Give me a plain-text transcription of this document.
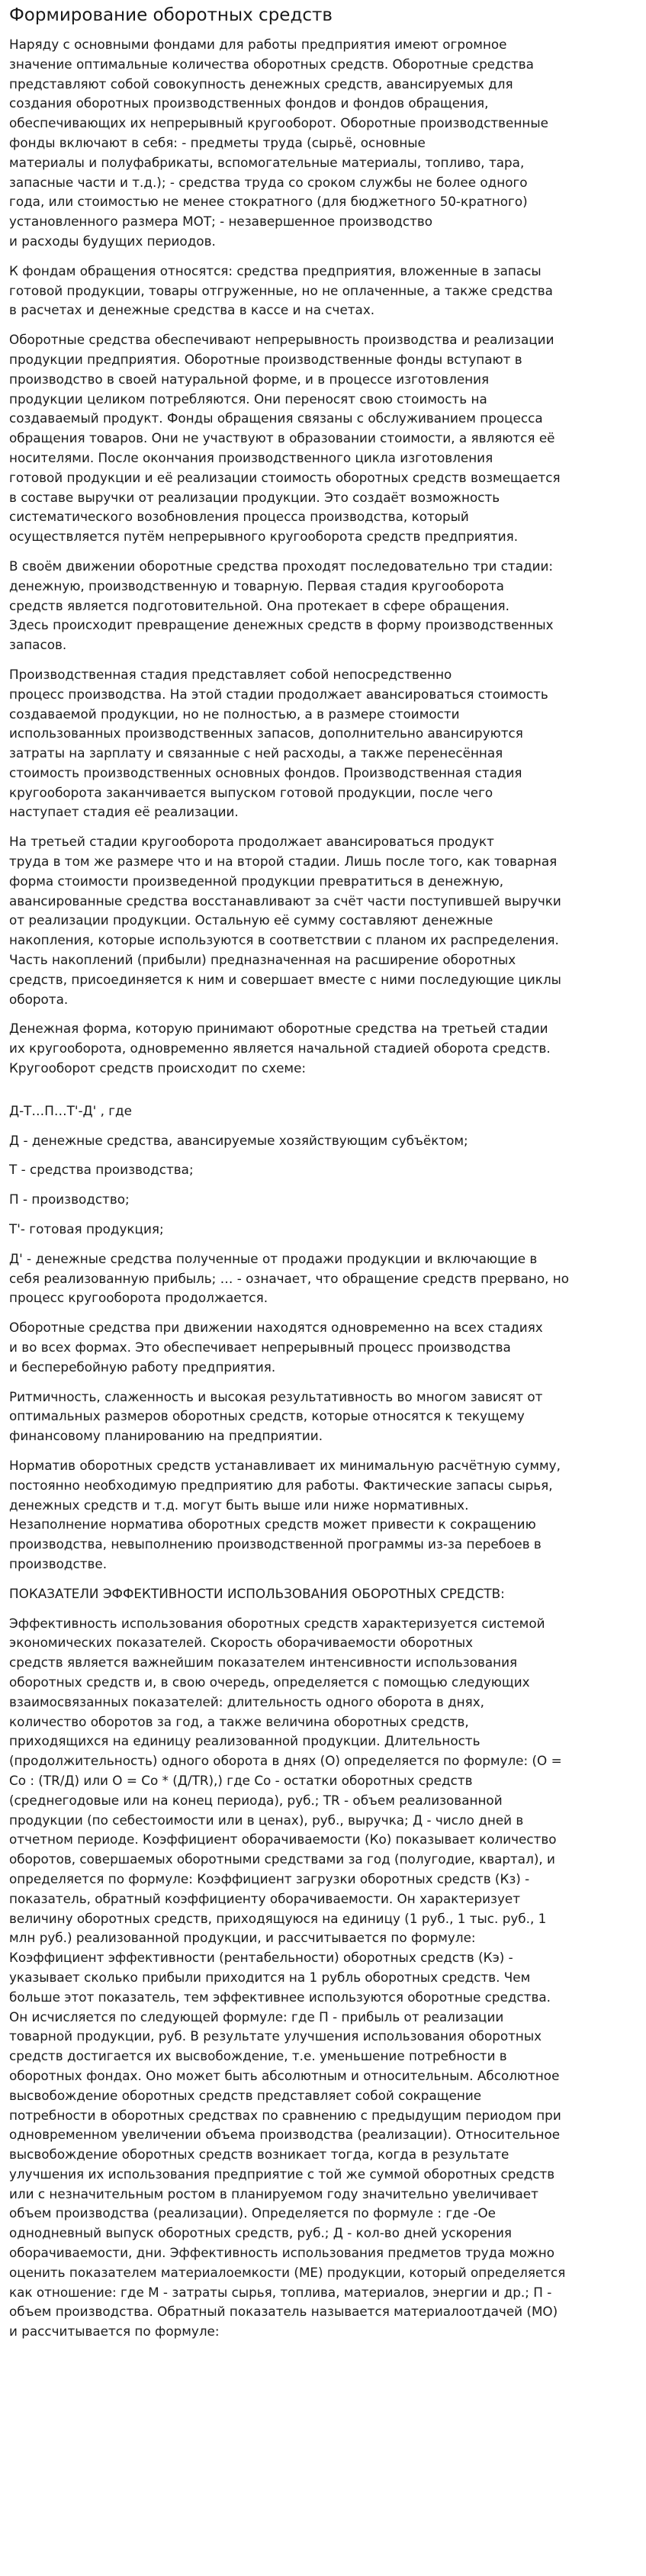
Формирование оборотных средств

Наряду с основными фондами для работы предприятия имеют огромное
значение оптимальные количества оборотных средств. Оборотные средства
представляют собой совокупность денежных средств, авансируемых для
создания оборотных производственных фондов и фондов обращения,
обеспечивающих их непрерывный кругооборот. Оборотные производственные
фонды включают в себя: - предметы труда (сырьё, основные
материалы и полуфабрикаты, вспомогательные материалы, топливо, тара,
запасные части и т.д.); - средства труда со сроком службы не более одного
года, или стоимостью не менее стократного (для бюджетного 50-кратного)
установленного размера МОТ; - незавершенное производство
и расходы будущих периодов.

К фондам обращения относятся: средства предприятия, вложенные в запасы
готовой продукции, товары отгруженные, но не оплаченные, а также средства
в расчетах и денежные средства в кассе и на счетах.

Оборотные средства обеспечивают непрерывность производства и реализации
продукции предприятия. Оборотные производственные фонды вступают в
производство в своей натуральной форме, и в процессе изготовления
продукции целиком потребляются. Они переносят свою стоимость на
создаваемый продукт. Фонды обращения связаны с обслуживанием процесса
обращения товаров. Они не участвуют в образовании стоимости, а являются её
носителями. После окончания производственного цикла изготовления
готовой продукции и её реализации стоимость оборотных средств возмещается
в составе выручки от реализации продукции. Это создаёт возможность
систематического возобновления процесса производства, который
осуществляется путём непрерывного кругооборота средств предприятия.

В своём движении оборотные средства проходят последовательно три стадии:
денежную, производственную и товарную. Первая стадия кругооборота
средств является подготовительной. Она протекает в сфере обращения.
Здесь происходит превращение денежных средств в форму производственных
запасов.

Производственная стадия представляет собой непосредственно
процесс производства. На этой стадии продолжает авансироваться стоимость
создаваемой продукции, но не полностью, а в размере стоимости
использованных производственных запасов, дополнительно авансируются
затраты на зарплату и связанные с ней расходы, а также перенесённая
стоимость производственных основных фондов. Производственная стадия
кругооборота заканчивается выпуском готовой продукции, после чего
наступает стадия её реализации.

На третьей стадии кругооборота продолжает авансироваться продукт
труда в том же размере что и на второй стадии. Лишь после того, как товарная
форма стоимости произведенной продукции превратиться в денежную,
авансированные средства восстанавливают за счёт части поступившей выручки
от реализации продукции. Остальную её сумму составляют денежные
накопления, которые используются в соответствии с планом их распределения.
Часть накоплений (прибыли) предназначенная на расширение оборотных
средств, присоединяется к ним и совершает вместе с ними последующие циклы
оборота.

Денежная форма, которую принимают оборотные средства на третьей стадии
их кругооборота, одновременно является начальной стадией оборота средств.
Кругооборот средств происходит по схеме:

Д-Т…П…Т'-Д' , где

Д - денежные средства, авансируемые хозяйствующим субъёктом;

Т - средства производства;

П - производство;

Т'- готовая продукция;

Д' - денежные средства полученные от продажи продукции и включающие в
себя реализованную прибыль; … - означает, что обращение средств прервано, но
процесс кругооборота продолжается.

Оборотные средства при движении находятся одновременно на всех стадиях
и во всех формах. Это обеспечивает непрерывный процесс производства
и бесперебойную работу предприятия.

Ритмичность, слаженность и высокая результативность во многом зависят от
оптимальных размеров оборотных средств, которые относятся к текущему
финансовому планированию на предприятии.

Норматив оборотных средств устанавливает их минимальную расчётную сумму,
постоянно необходимую предприятию для работы. Фактические запасы сырья,
денежных средств и т.д. могут быть выше или ниже нормативных.
Незаполнение норматива оборотных средств может привести к сокращению
производства, невыполнению производственной программы из-за перебоев в
производстве.

ПОКАЗАТЕЛИ ЭФФЕКТИВНОСТИ ИСПОЛЬЗОВАНИЯ ОБОРОТНЫХ СРЕДСТВ:

Эффективность использования оборотных средств характеризуется системой
экономических показателей. Скорость оборачиваемости оборотных
средств является важнейшим показателем интенсивности использования
оборотных средств и, в свою очередь, определяется с помощью следующих
взаимосвязанных показателей: длительность одного оборота в днях,
количество оборотов за год, а также величина оборотных средств,
приходящихся на единицу реализованной продукции. Длительность
(продолжительность) одного оборота в днях (О) определяется по формуле: (О =
Со : (ТR/Д) или О = Со * (Д/ТR),) где Со - остатки оборотных средств
(среднегодовые или на конец периода), руб.; ТR - объем реализованной
продукции (по себестоимости или в ценах), руб., выручка; Д - число дней в
отчетном периоде. Коэффициент оборачиваемости (Ко) показывает количество
оборотов, совершаемых оборотными средствами за год (полугодие, квартал), и
определяется по формуле: Коэффициент загрузки оборотных средств (Кз) -
показатель, обратный коэффициенту оборачиваемости. Он характеризует
величину оборотных средств, приходящуюся на единицу (1 руб., 1 тыс. руб., 1
млн руб.) реализованной продукции, и рассчитывается по формуле:
Коэффициент эффективности (рентабельности) оборотных средств (Кэ) -
указывает сколько прибыли приходится на 1 рубль оборотных средств. Чем
больше этот показатель, тем эффективнее используются оборотные средства.
Он исчисляется по следующей формуле: где П - прибыль от реализации
товарной продукции, руб. В результате улучшения использования оборотных
средств достигается их высвобождение, т.е. уменьшение потребности в
оборотных фондах. Оно может быть абсолютным и относительным. Абсолютное
высвобождение оборотных средств представляет собой сокращение
потребности в оборотных средствах по сравнению с предыдущим периодом при
одновременном увеличении объема производства (реализации). Относительное
высвобождение оборотных средств возникает тогда, когда в результате
улучшения их использования предприятие с той же суммой оборотных средств
или с незначительным ростом в планируемом году значительно увеличивает
объем производства (реализации). Определяется по формуле : где -Ое
однодневный выпуск оборотных средств, руб.; Д - кол-во дней ускорения
оборачиваемости, дни. Эффективность использования предметов труда можно
оценить показателем материалоемкости (МЕ) продукции, который определяется
как отношение: где М - затраты сырья, топлива, материалов, энергии и др.; П -
объем производства. Обратный показатель называется материалоотдачей (МО)
и рассчитывается по формуле:
